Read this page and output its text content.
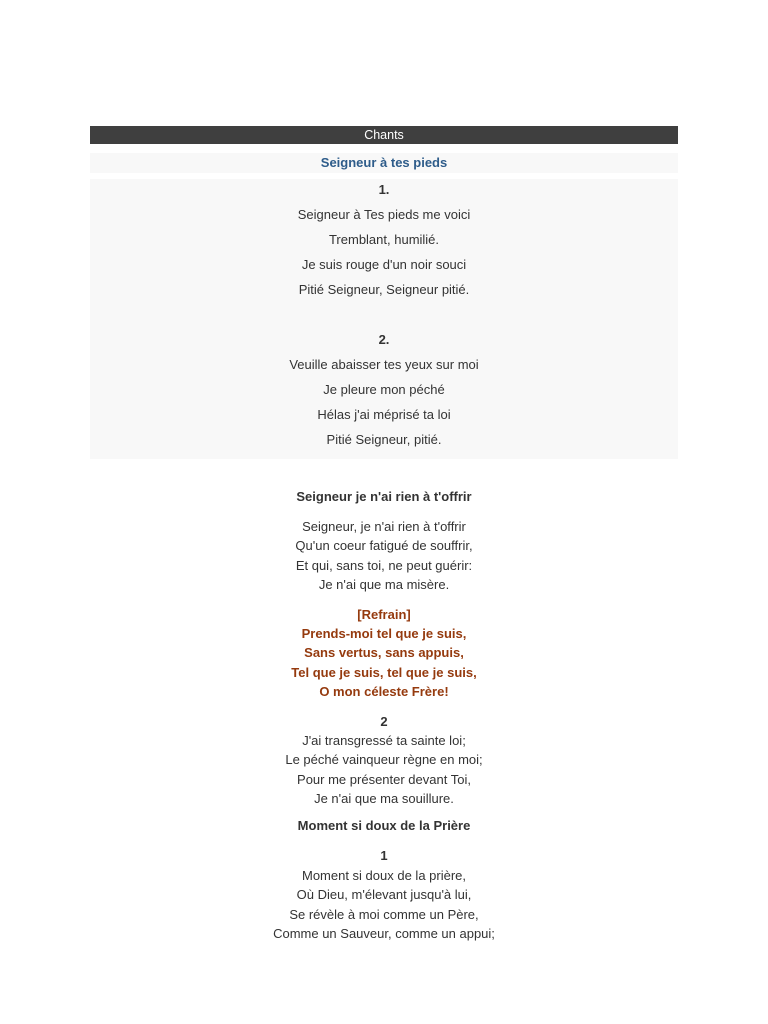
Chants
Seigneur à tes pieds
1.
Seigneur à Tes pieds me voici
Tremblant, humilié.
Je suis rouge d'un noir souci
Pitié Seigneur, Seigneur pitié.
2.
Veuille abaisser tes yeux sur moi
Je pleure mon péché
Hélas j'ai méprisé ta loi
Pitié Seigneur, pitié.
Seigneur je n'ai rien à t'offrir
Seigneur, je n'ai rien à t'offrir
Qu'un coeur fatigué de souffrir,
Et qui, sans toi, ne peut guérir:
Je n'ai que ma misère.
[Refrain]
Prends-moi tel que je suis,
Sans vertus, sans appuis,
Tel que je suis, tel que je suis,
O mon céleste Frère!
2
J'ai transgressé ta sainte loi;
Le péché vainqueur règne en moi;
Pour me présenter devant Toi,
Je n'ai que ma souillure.
Moment si doux de la Prière
1
Moment si doux de la prière,
Où Dieu, m'élevant jusqu'à lui,
Se révèle à moi comme un Père,
Comme un Sauveur, comme un appui;
